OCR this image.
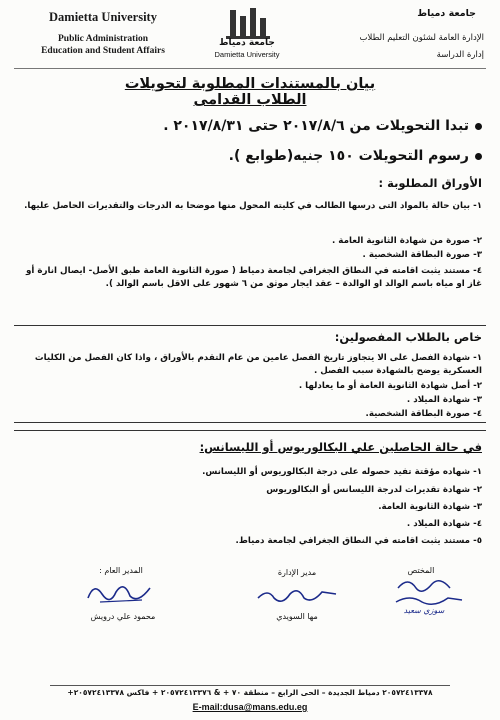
Damietta University
Public Administration
Education and Student Affairs
جامعة دمياط
Damietta University
جامعة دمياط
الإدارة العامة لشئون التعليم الطلاب
إدارة الدراسة
بيان بالمستندات المطلوبة لتحويلات الطلاب القدامى
تبدا التحويلات من ٢٠١٧/٨/٦ حتى ٢٠١٧/٨/٣١ .
رسوم التحويلات ١٥٠ جنيه(طوابع ).
الأوراق المطلوبة :
١- بيان حالة بالمواد التى درسها الطالب في كليته المحول منها موضحا به الدرجات والتقديرات الحاصل عليها.
٢- صورة من شهادة الثانوية العامة .
٣- صورة البطاقة الشخصية .
٤- مستند يثبت اقامته في النطاق الجغرافي لجامعة دمياط ( صورة الثانوية العامة طبق الأصل- ايصال انارة أو غاز او مياه باسم الوالد او الوالدة – عقد ايجار موثق من ٦ شهور على الاقل باسم الوالد ).
خاص بالطلاب المفصولين:
١- شهادة الفصل على الا يتجاوز تاريخ الفصل عامين من عام التقدم بالأوراق ، واذا كان الفصل من الكليات العسكرية يوضح بالشهادة سبب الفصل .
٢- أصل شهادة الثانوية العامة أو ما يعادلها .
٣- شهادة الميلاد .
٤- صورة البطاقة الشخصية.
في حالة الحاصلين علي البكالوريوس أو الليسانس:
١- شهاده مؤقتة تفيد حصوله على درجة البكالوريوس أو الليسانس.
٢- شهادة تقديرات لدرجة الليسانس أو البكالوريوس
٣- شهادة الثانوية العامة.
٤- شهادة الميلاد .
٥- مستند يثبت اقامته في النطاق الجغرافي لجامعة دمياط.
المدير العام :
محمود علي درويش
مدير الإدارة
مها السويدي
المختص
سوزي سعيد
٢٠٥٧٢٤١٣٣٧٨ دمياط الجديدة – الحى الرابع – منطقة ٧٠ + & ٢٠٥٧٢٤١٣٣٧٦ + فاكس ٢٠٥٧٢٤١٣٣٧٨+
E-mail:dusa@mans.edu.eg
